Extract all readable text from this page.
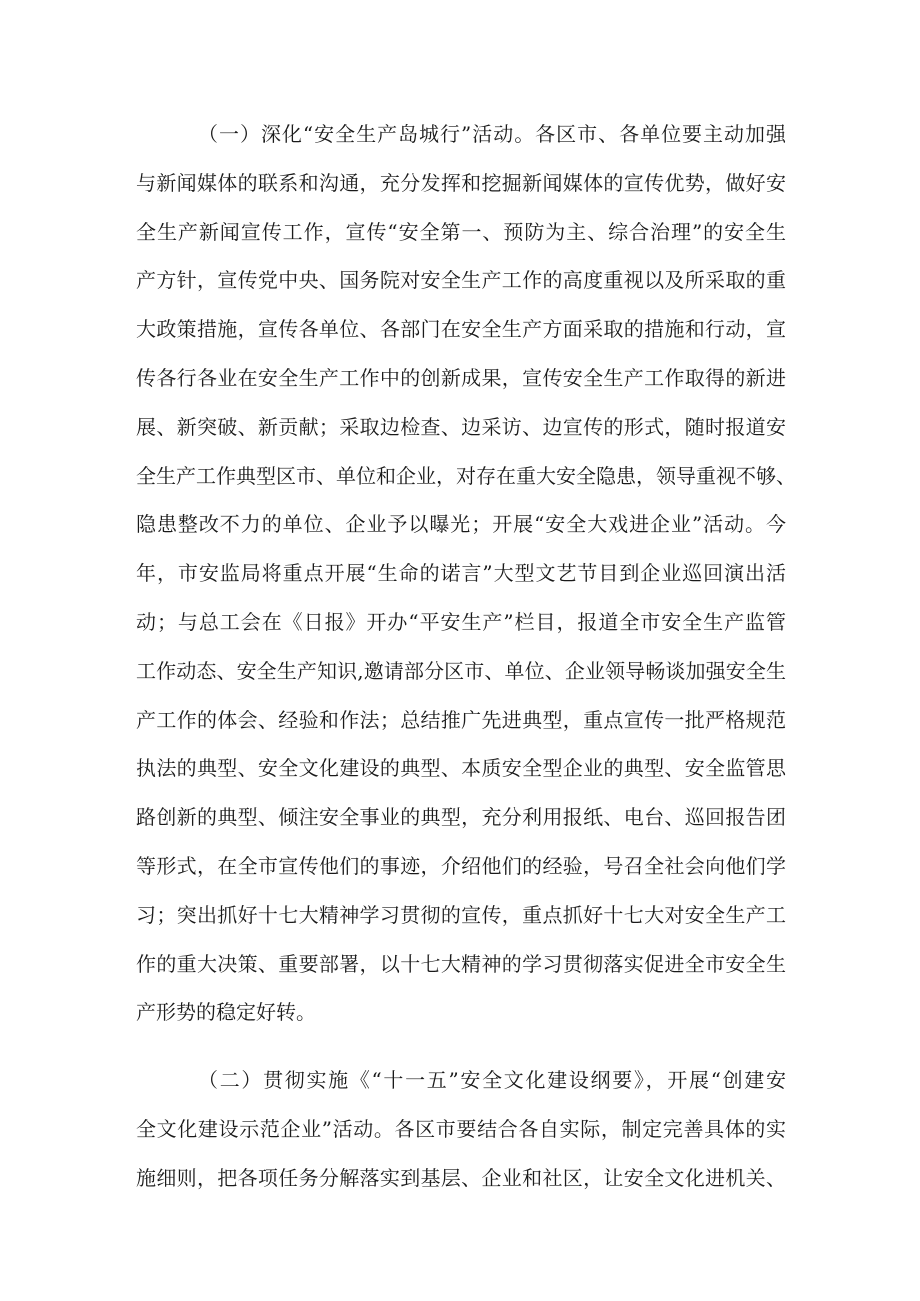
（一）深化“安全生产岛城行”活动。各区市、各单位要主动加强
与新闻媒体的联系和沟通，充分发挥和挖掘新闻媒体的宣传优势，做好安
全生产新闻宣传工作，宣传“安全第一、预防为主、综合治理”的安全生
产方针，宣传党中央、国务院对安全生产工作的高度重视以及所采取的重
大政策措施，宣传各单位、各部门在安全生产方面采取的措施和行动，宣
传各行各业在安全生产工作中的创新成果，宣传安全生产工作取得的新进
展、新突破、新贡献；采取边检查、边采访、边宣传的形式，随时报道安
全生产工作典型区市、单位和企业，对存在重大安全隐患，领导重视不够、
隐患整改不力的单位、企业予以曝光；开展“安全大戏进企业”活动。今
年，市安监局将重点开展“生命的诺言”大型文艺节目到企业巡回演出活
动；与总工会在《日报》开办“平安生产”栏目，报道全市安全生产监管
工作动态、安全生产知识,邀请部分区市、单位、企业领导畅谈加强安全生
产工作的体会、经验和作法；总结推广先进典型，重点宣传一批严格规范
执法的典型、安全文化建设的典型、本质安全型企业的典型、安全监管思
路创新的典型、倾注安全事业的典型，充分利用报纸、电台、巡回报告团
等形式，在全市宣传他们的事迹，介绍他们的经验，号召全社会向他们学
习；突出抓好十七大精神学习贯彻的宣传，重点抓好十七大对安全生产工
作的重大决策、重要部署，以十七大精神的学习贯彻落实促进全市安全生
产形势的稳定好转。
（二）贯彻实施《“十一五”安全文化建设纲要》，开展“创建安
全文化建设示范企业”活动。各区市要结合各自实际，制定完善具体的实
施细则，把各项任务分解落实到基层、企业和社区，让安全文化进机关、
